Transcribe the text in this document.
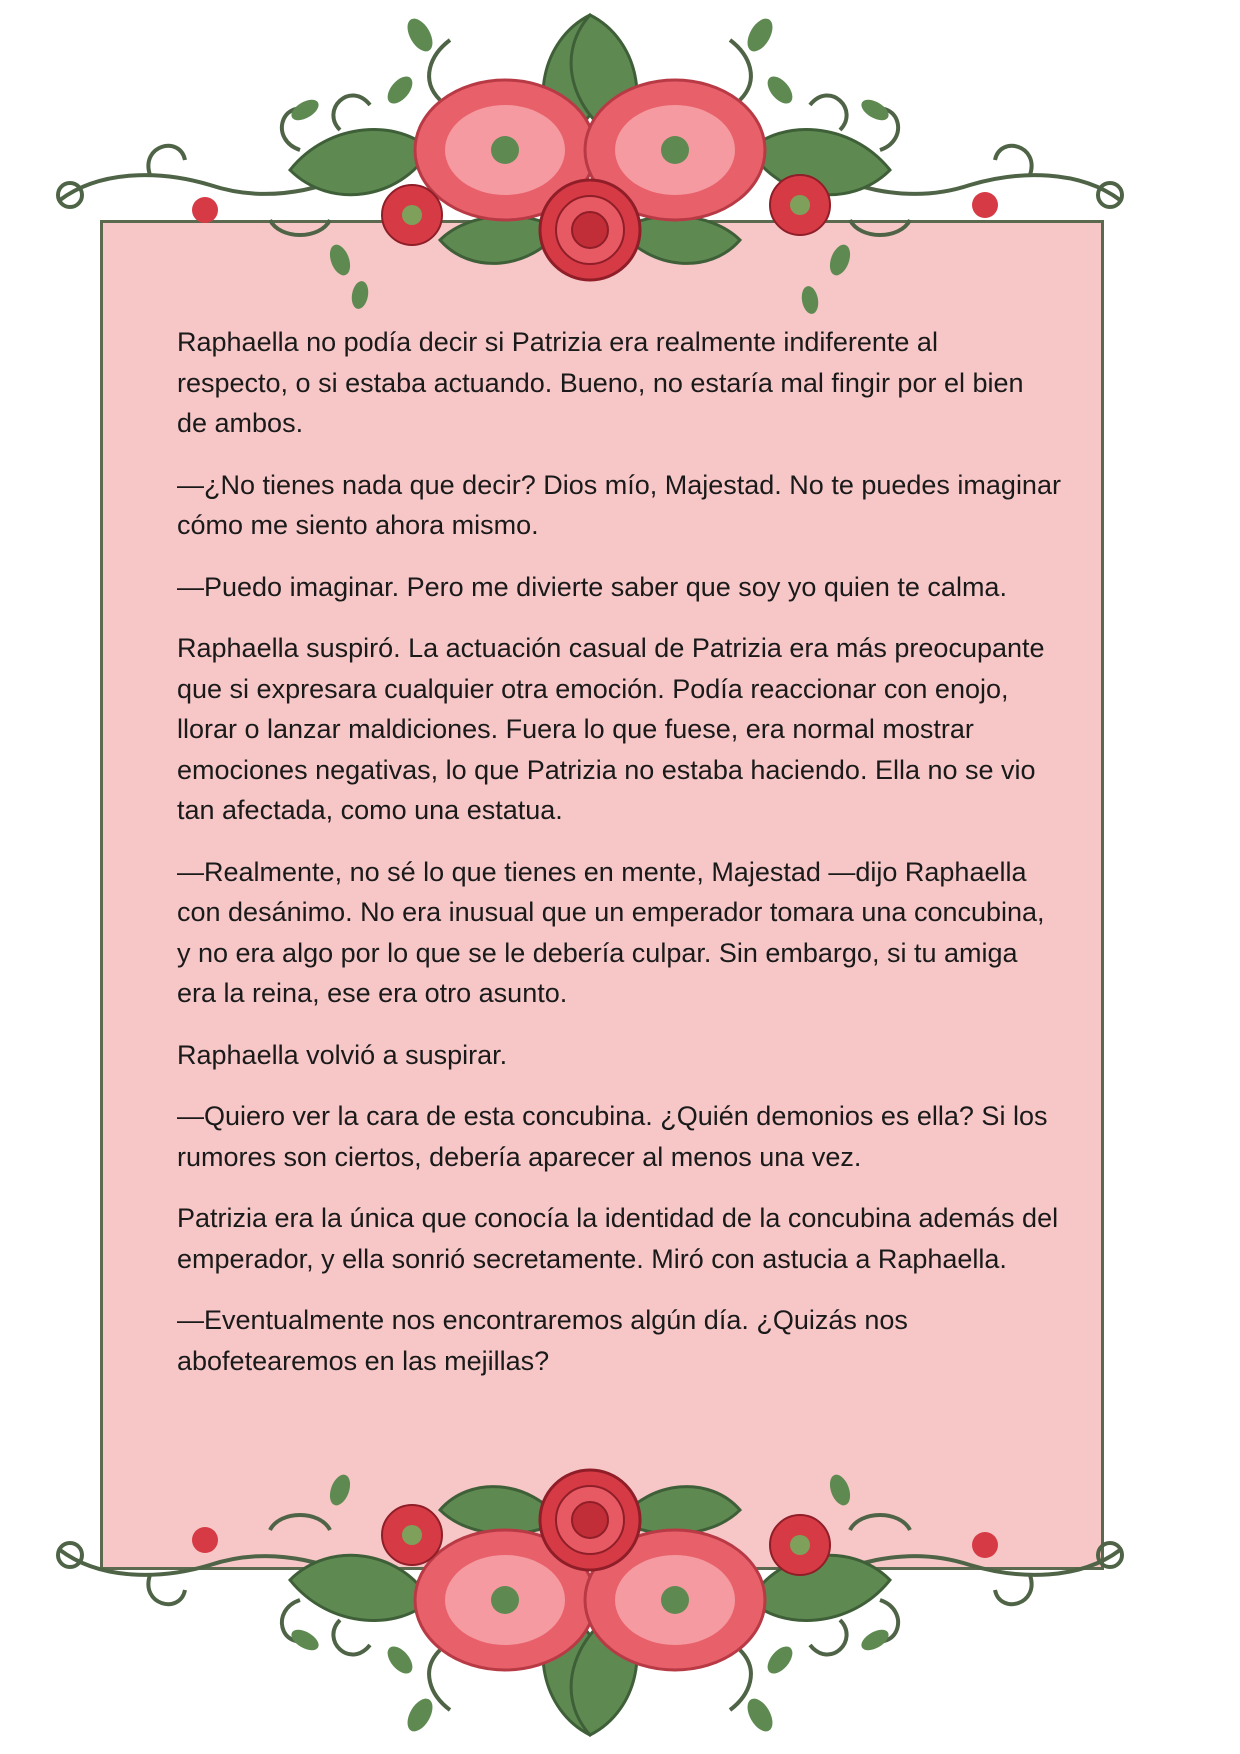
Raphaella no podía decir si Patrizia era realmente indiferente al
respecto, o si estaba actuando. Bueno, no estaría mal fingir por el bien
de ambos.

—¿No tienes nada que decir? Dios mío, Majestad. No te puedes imaginar
cómo me siento ahora mismo.

—Puedo imaginar. Pero me divierte saber que soy yo quien te calma.

Raphaella suspiró. La actuación casual de Patrizia era más preocupante
que si expresara cualquier otra emoción. Podía reaccionar con enojo,
llorar o lanzar maldiciones. Fuera lo que fuese, era normal mostrar
emociones negativas, lo que Patrizia no estaba haciendo. Ella no se vio
tan afectada, como una estatua.

—Realmente, no sé lo que tienes en mente, Majestad —dijo Raphaella
con desánimo. No era inusual que un emperador tomara una concubina,
y no era algo por lo que se le debería culpar. Sin embargo, si tu amiga
era la reina, ese era otro asunto.

Raphaella volvió a suspirar.

—Quiero ver la cara de esta concubina. ¿Quién demonios es ella? Si los
rumores son ciertos, debería aparecer al menos una vez.

Patrizia era la única que conocía la identidad de la concubina además del
emperador, y ella sonrió secretamente. Miró con astucia a Raphaella.

—Eventualmente nos encontraremos algún día. ¿Quizás nos
abofetearemos en las mejillas?
